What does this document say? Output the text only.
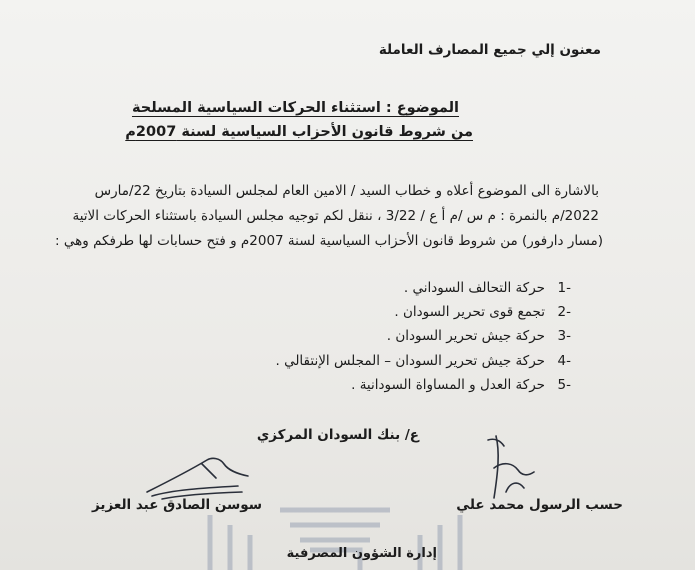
معنون إلي جميع المصارف العاملة
الموضوع : استثناء الحركات السياسية المسلحة
من شروط قانون الأحزاب السياسية لسنة 2007م
بالاشارة الى الموضوع أعلاه و خطاب السيد / الامين العام لمجلس السيادة بتاريخ 22/مارس
2022/م بالنمرة : م س /م أ ع / 3/22 ، ننقل لكم توجيه مجلس السيادة باستثناء الحركات الاتية
(مسار دارفور) من شروط قانون الأحزاب السياسية لسنة 2007م و فتح حسابات لها طرفكم وهي :
-1
حركة التحالف السوداني .
-2
تجمع قوى تحرير السودان .
-3
حركة جيش تحرير السودان .
-4
حركة جيش تحرير السودان – المجلس الإنتقالي .
-5
حركة العدل و المساواة السودانية .
ع/ بنك السودان المركزي
سوسن الصادق عبد العزيز	حسب الرسول محمد علي
إدارة الشؤون المصرفية
